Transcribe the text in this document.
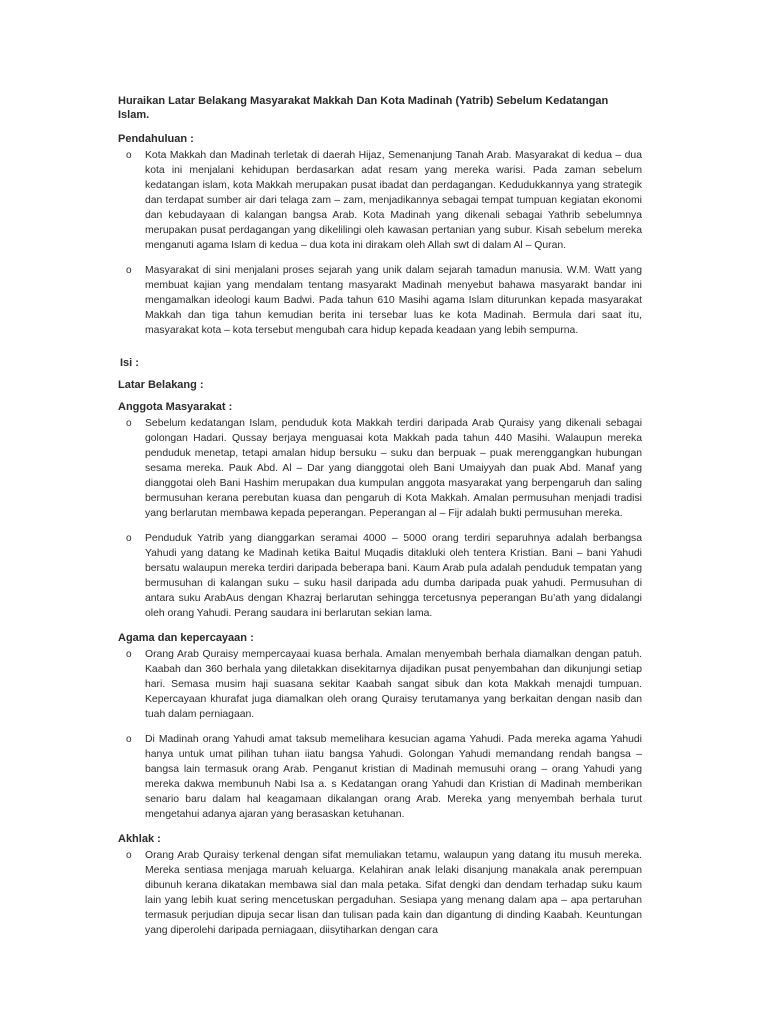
Huraikan Latar Belakang Masyarakat Makkah Dan Kota Madinah (Yatrib) Sebelum Kedatangan Islam.
Pendahuluan :
o Kota Makkah dan Madinah terletak di daerah Hijaz, Semenanjung Tanah Arab. Masyarakat di kedua – dua kota ini menjalani kehidupan berdasarkan adat resam yang mereka warisi. Pada zaman sebelum kedatangan islam, kota Makkah merupakan pusat ibadat dan perdagangan. Kedudukkannya yang strategik dan terdapat sumber air dari telaga zam – zam, menjadikannya sebagai tempat tumpuan kegiatan ekonomi dan kebudayaan di kalangan bangsa Arab. Kota Madinah yang dikenali sebagai Yathrib sebelumnya merupakan pusat perdagangan yang dikelilingi oleh kawasan pertanian yang subur. Kisah sebelum mereka menganuti agama Islam di kedua – dua kota ini dirakam oleh Allah swt di dalam Al – Quran.
o Masyarakat di sini menjalani proses sejarah yang unik dalam sejarah tamadun manusia. W.M. Watt yang membuat kajian yang mendalam tentang masyarakt Madinah menyebut bahawa masyarakt bandar ini mengamalkan ideologi kaum Badwi. Pada tahun 610 Masihi agama Islam diturunkan kepada masyarakat Makkah dan tiga tahun kemudian berita ini tersebar luas ke kota Madinah. Bermula dari saat itu, masyarakat kota – kota tersebut mengubah cara hidup kepada keadaan yang lebih sempurna.
Isi :
Latar Belakang :
Anggota Masyarakat :
o Sebelum kedatangan Islam, penduduk kota Makkah terdiri daripada Arab Quraisy yang dikenali sebagai golongan Hadari. Qussay berjaya menguasai kota Makkah pada tahun 440 Masihi. Walaupun mereka penduduk menetap, tetapi amalan hidup bersuku – suku dan berpuak – puak merenggangkan hubungan sesama mereka. Pauk Abd. Al – Dar yang dianggotai oleh Bani Umaiyyah dan puak Abd. Manaf yang dianggotai oleh Bani Hashim merupakan dua kumpulan anggota masyarakat yang berpengaruh dan saling bermusuhan kerana perebutan kuasa dan pengaruh di Kota Makkah. Amalan permusuhan menjadi tradisi yang berlarutan membawa kepada peperangan. Peperangan al – Fijr adalah bukti permusuhan mereka.
o Penduduk Yatrib yang dianggarkan seramai 4000 – 5000 orang terdiri separuhnya adalah berbangsa Yahudi yang datang ke Madinah ketika Baitul Muqadis ditakluki oleh tentera Kristian. Bani – bani Yahudi bersatu walaupun mereka terdiri daripada beberapa bani. Kaum Arab pula adalah penduduk tempatan yang bermusuhan di kalangan suku – suku hasil daripada adu dumba daripada puak yahudi. Permusuhan di antara suku ArabAus dengan Khazraj berlarutan sehingga tercetusnya peperangan Bu’ath yang didalangi oleh orang Yahudi. Perang saudara ini berlarutan sekian lama.
Agama dan kepercayaan :
o Orang Arab Quraisy mempercayaai kuasa berhala. Amalan menyembah berhala diamalkan dengan patuh. Kaabah dan 360 berhala yang diletakkan disekitarnya dijadikan pusat penyembahan dan dikunjungi setiap hari. Semasa musim haji suasana sekitar Kaabah sangat sibuk dan kota Makkah menajdi tumpuan. Kepercayaan khurafat juga diamalkan oleh orang Quraisy terutamanya yang berkaitan dengan nasib dan tuah dalam perniagaan.
o Di Madinah orang Yahudi amat taksub memelihara kesucian agama Yahudi. Pada mereka agama Yahudi hanya untuk umat pilihan tuhan iiatu bangsa Yahudi. Golongan Yahudi memandang rendah bangsa – bangsa lain termasuk orang Arab. Penganut kristian di Madinah memusuhi orang – orang Yahudi yang mereka dakwa membunuh Nabi Isa a. s Kedatangan orang Yahudi dan Kristian di Madinah memberikan senario baru dalam hal keagamaan dikalangan orang Arab. Mereka yang menyembah berhala turut mengetahui adanya ajaran yang berasaskan ketuhanan.
Akhlak :
o Orang Arab Quraisy terkenal dengan sifat memuliakan tetamu, walaupun yang datang itu musuh mereka. Mereka sentiasa menjaga maruah keluarga. Kelahiran anak lelaki disanjung manakala anak perempuan dibunuh kerana dikatakan membawa sial dan mala petaka. Sifat dengki dan dendam terhadap suku kaum lain yang lebih kuat sering mencetuskan pergaduhan. Sesiapa yang menang dalam apa – apa pertaruhan termasuk perjudian dipuja secar lisan dan tulisan pada kain dan digantung di dinding Kaabah. Keuntungan yang diperolehi daripada perniagaan, diisytiharkan dengan cara
